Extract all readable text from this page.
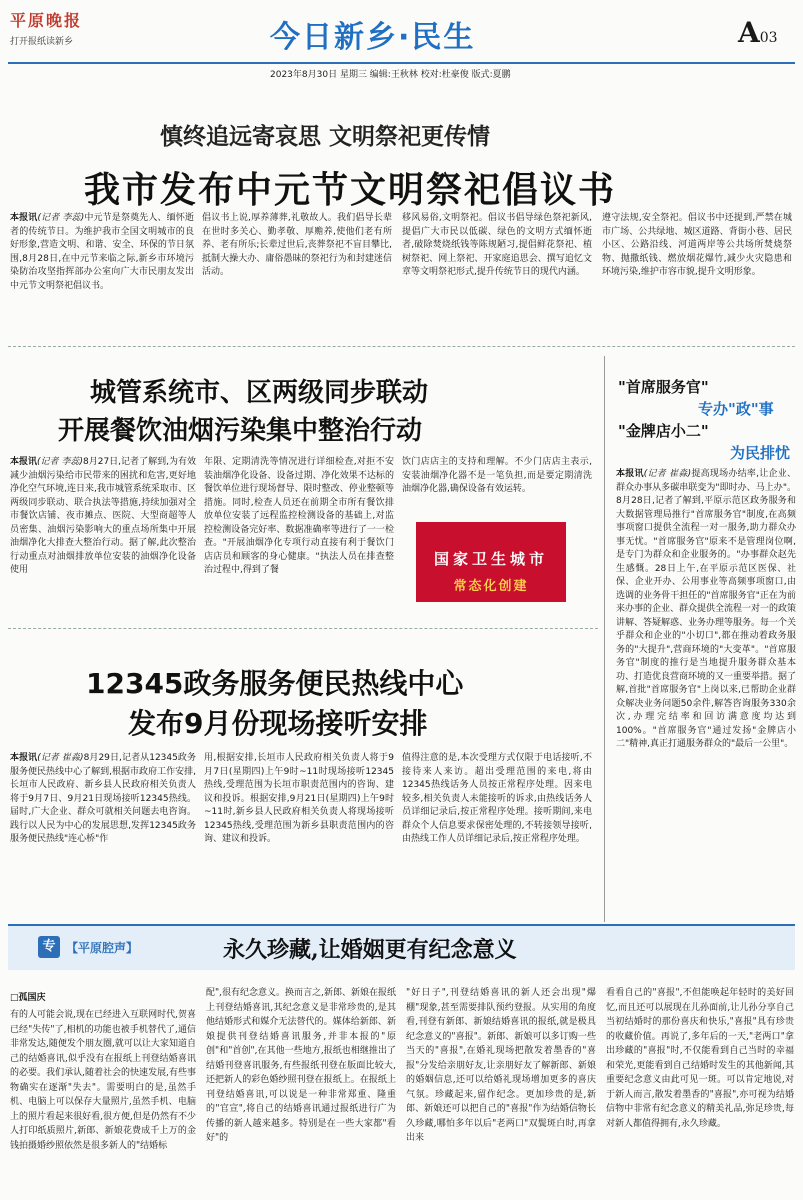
平原晚报
打开报纸读新乡	今日新乡·民生	A03
2023年8月30日 星期三 编辑:王秋林 校对:杜豪俊 版式:夏鹏
慎终追远寄哀思 文明祭祀更传情
我市发布中元节文明祭祀倡议书
本报讯(记者 李蕊)中元节是祭奠先人、缅怀逝者的传统节日。为维护我市全国文明城市的良好形象,营造文明、和谐、安全、环保的节日氛围,8月28日,在中元节来临之际,新乡市环境污染防治攻坚指挥部办公室向广大市民朋友发出中元节文明祭祀倡议书。
倡议书上说,厚养薄葬,礼敬故人。我们倡导长辈在世时多关心、勤孝敬、厚赡养,使他们老有所养、老有所乐;长辈过世后,丧葬祭祀不盲目攀比,抵制大操大办、庸俗愚昧的祭祀行为和封建迷信活动。
移风易俗,文明祭祀。倡议书倡导绿色祭祀新风,提倡广大市民以低碳、绿色的文明方式缅怀逝者,破除焚烧纸钱等陈规陋习,提倡鲜花祭祀、植树祭祀、网上祭祀、开家庭追思会、撰写追忆文章等文明祭祀形式,提升传统节日的现代内涵。
遵守法规,安全祭祀。倡议书中还提到,严禁在城市广场、公共绿地、城区道路、背街小巷、居民小区、公路沿线、河道两岸等公共场所焚烧祭物、抛撒纸钱、燃放烟花爆竹,减少火灾隐患和环境污染,维护市容市貌,提升文明形象。
城管系统市、区两级同步联动
开展餐饮油烟污染集中整治行动
本报讯(记者 李蕊)8月27日,记者了解到,为有效减少油烟污染给市民带来的困扰和危害,更好地净化空气环境,连日来,我市城管系统采取市、区两级同步联动、联合执法等措施,持续加强对全市餐饮店铺、夜市摊点、医院、大型商超等人员密集、油烟污染影响大的重点场所集中开展油烟净化大排查大整治行动。据了解,此次整治行动重点对油烟排放单位安装的油烟净化设备使用
年限、定期清洗等情况进行详细检查,对拒不安装油烟净化设备、设备过期、净化效果不达标的餐饮单位进行现场督导、限时整改、停业整顿等措施。同时,检查人员还在前期全市所有餐饮排放单位安装了远程监控检测设备的基础上,对监控检测设备完好率、数据准确率等进行了一一检查。"开展油烟净化专项行动直接有利于餐饮门店店员和顾客的身心健康。"执法人员在排查整治过程中,得到了餐
饮门店店主的支持和理解。不少门店店主表示,安装油烟净化器不是一笔负担,而是要定期清洗油烟净化器,确保设备有效运转。
国家卫生城市
常态化创建
12345政务服务便民热线中心
发布9月份现场接听安排
本报讯(记者 崔淼)8月29日,记者从12345政务服务便民热线中心了解到,根据市政府工作安排,长垣市人民政府、新乡县人民政府相关负责人将于9月7日、9月21日现场接听12345热线。届时,广大企业、群众可就相关问题去电咨询。践行以人民为中心的发展思想,发挥12345政务服务便民热线"连心桥"作
用,根据安排,长垣市人民政府相关负责人将于9月7日(星期四)上午9时~11时现场接听12345热线,受理范围为长垣市职责范围内的咨询、建议和投诉。根据安排,9月21日(星期四)上午9时~11时,新乡县人民政府相关负责人将现场接听12345热线,受理范围为新乡县职责范围内的咨询、建议和投诉。
值得注意的是,本次受理方式仅限于电话接听,不接待来人来访。超出受理范围的来电,将由12345热线话务人员按正常程序处理。因来电较多,相关负责人未能接听的诉求,由热线话务人员详细记录后,按正常程序处理。接听期间,来电群众个人信息要求保密处理的,不转接领导接听,由热线工作人员详细记录后,按正常程序处理。
"首席服务官"
专办"政"事
"金牌店小二"
为民排忧
本报讯(记者 崔淼)提高现场办结率,让企业、群众办事从多碳串联变为"即时办、马上办"。8月28日,记者了解到,平原示范区政务服务和大数据管理局推行"首席服务官"制度,在高频事项窗口提供全流程一对一服务,助力群众办事无忧。"首席服务官"原来不是管理岗位啊,是专门为群众和企业服务的。"办事群众赵先生感慨。28日上午,在平原示范区医保、社保、企业开办、公用事业等高频事项窗口,由选调的业务骨干担任的"首席服务官"正在为前来办事的企业、群众提供全流程一对一的政策讲解、答疑解惑、业务办理等服务。每一个关乎群众和企业的"小切口",都在推动着政务服务的"大提升",营商环境的"大变革"。"首席服务官"制度的推行是当地提升服务群众基本功、打造优良营商环境的又一重要举措。据了解,首批"首席服务官"上岗以来,已帮助企业群众解决业务问题50余件,解答咨询服务330余次,办理完结率和回访满意度均达到100%。"首席服务官"通过发扬"金牌店小二"精神,真正打通服务群众的"最后一公里"。
专 【平原腔声】	永久珍藏,让婚姻更有纪念意义
□孤国庆
有的人可能会说,现在已经进入互联网时代,贺喜已经"失传"了,相机的功能也被手机替代了,通信非常发达,随便发个朋友圈,就可以让大家知道自己的结婚喜讯,似乎没有在报纸上刊登结婚喜讯的必要。我们承认,随着社会的快速发展,有些事物确实在逐渐"失去"。需要明白的是,虽然手机、电脑上可以保存大量照片,虽然手机、电脑上的照片看起来很好看,很方便,但是仍然有不少人打印纸质照片,新郎、新娘花费成千上万的金钱拍摄婚纱照依然是很多新人的"结婚标
配",很有纪念意义。换而言之,新郎、新娘在报纸上刊登结婚喜讯,其纪念意义是非常珍贵的,是其他结婚形式和媒介无法替代的。媒体给新郎、新娘提供刊登结婚喜讯服务,并非本报的"原创"和"首创",在其他一些地方,报纸也相继推出了结婚刊登喜讯服务,有些报纸刊登在版面比较大,还把新人的彩色婚纱照刊登在报纸上。在报纸上刊登结婚喜讯,可以说是一种非常郑重、隆重的"官宣",将自己的结婚喜讯通过报纸进行广为传播的新人越来越多。特别是在一些大家都"看好"的
"好日子",刊登结婚喜讯的新人还会出现"爆棚"现象,甚至需要排队预约登报。从实用的角度看,刊登有新郎、新娘结婚喜讯的报纸,就是极具纪念意义的"喜报"。新郎、新娘可以多订购一些当天的"喜报",在婚礼现场把散发着墨香的"喜报"分发给亲朋好友,让亲朋好友了解新郎、新娘的婚姻信息,还可以给婚礼现场增加更多的喜庆气氛。珍藏起来,留作纪念。更加珍贵的是,新郎、新娘还可以把自己的"喜报"作为结婚信物长久珍藏,哪怕多年以后"老两口"双鬓斑白时,再拿出来
看看自己的"喜报",不但能唤起年轻时的美好回忆,而且还可以展现在儿孙面前,让儿孙分享自己当初结婚时的那份喜庆和快乐,"喜报"具有珍贵的收藏价值。再说了,多年后的一天,"老两口"拿出珍藏的"喜报"时,不仅能看到自己当时的幸福和荣光,更能看到自己结婚时发生的其他新闻,其重要纪念意义由此可见一斑。可以肯定地说,对于新人而言,散发着墨香的"喜报",亦可视为结婚信物中非常有纪念意义的精美礼品,弥足珍贵,每对新人都值得拥有,永久珍藏。
